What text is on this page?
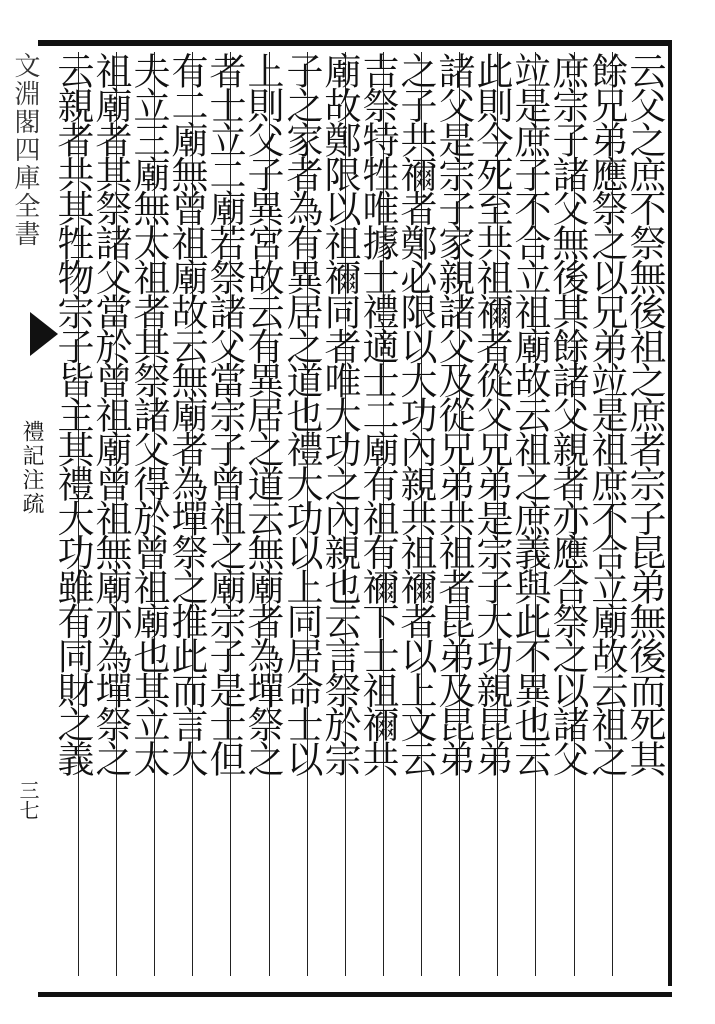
文淵閣四庫全書
禮記注疏
三七
云父之庶不祭無後祖之庶者宗子昆弟無後而死其
餘兄弟應祭之以兄弟竝是祖庶不合立廟故云祖之
庶宗子諸父無後其餘諸父親者亦應合祭之以諸父
竝是庶子不合立祖廟故云祖之庶義與此不異也云
此則今死至共祖禰者從父兄弟是宗子大功親昆弟
諸父是宗子家親諸父及從兄弟共祖者昆弟及昆弟
之子共禰者鄭必限以大功內親共祖禰者以上文云
吉祭特牲唯據士禮適士二廟有祖有禰下士祖禰共
廟故鄭限以祖禰同者唯大功之內親也云言祭於宗
子之家者為有異居之道也禮大功以上同居命士以
上則父子異宮故云有異居之道云無廟者為墠祭之
者士立二廟若祭諸父當宗子曾祖之廟宗子是士但
有二廟無曾祖廟故云無廟者為墠祭之推此而言大
夫立三廟無太祖者其祭諸父得於曾祖廟也其立太
祖廟者其祭諸父當於曾祖廟曾祖無廟亦為墠祭之
云親者共其牲物宗子皆主其禮大功雖有同財之義
